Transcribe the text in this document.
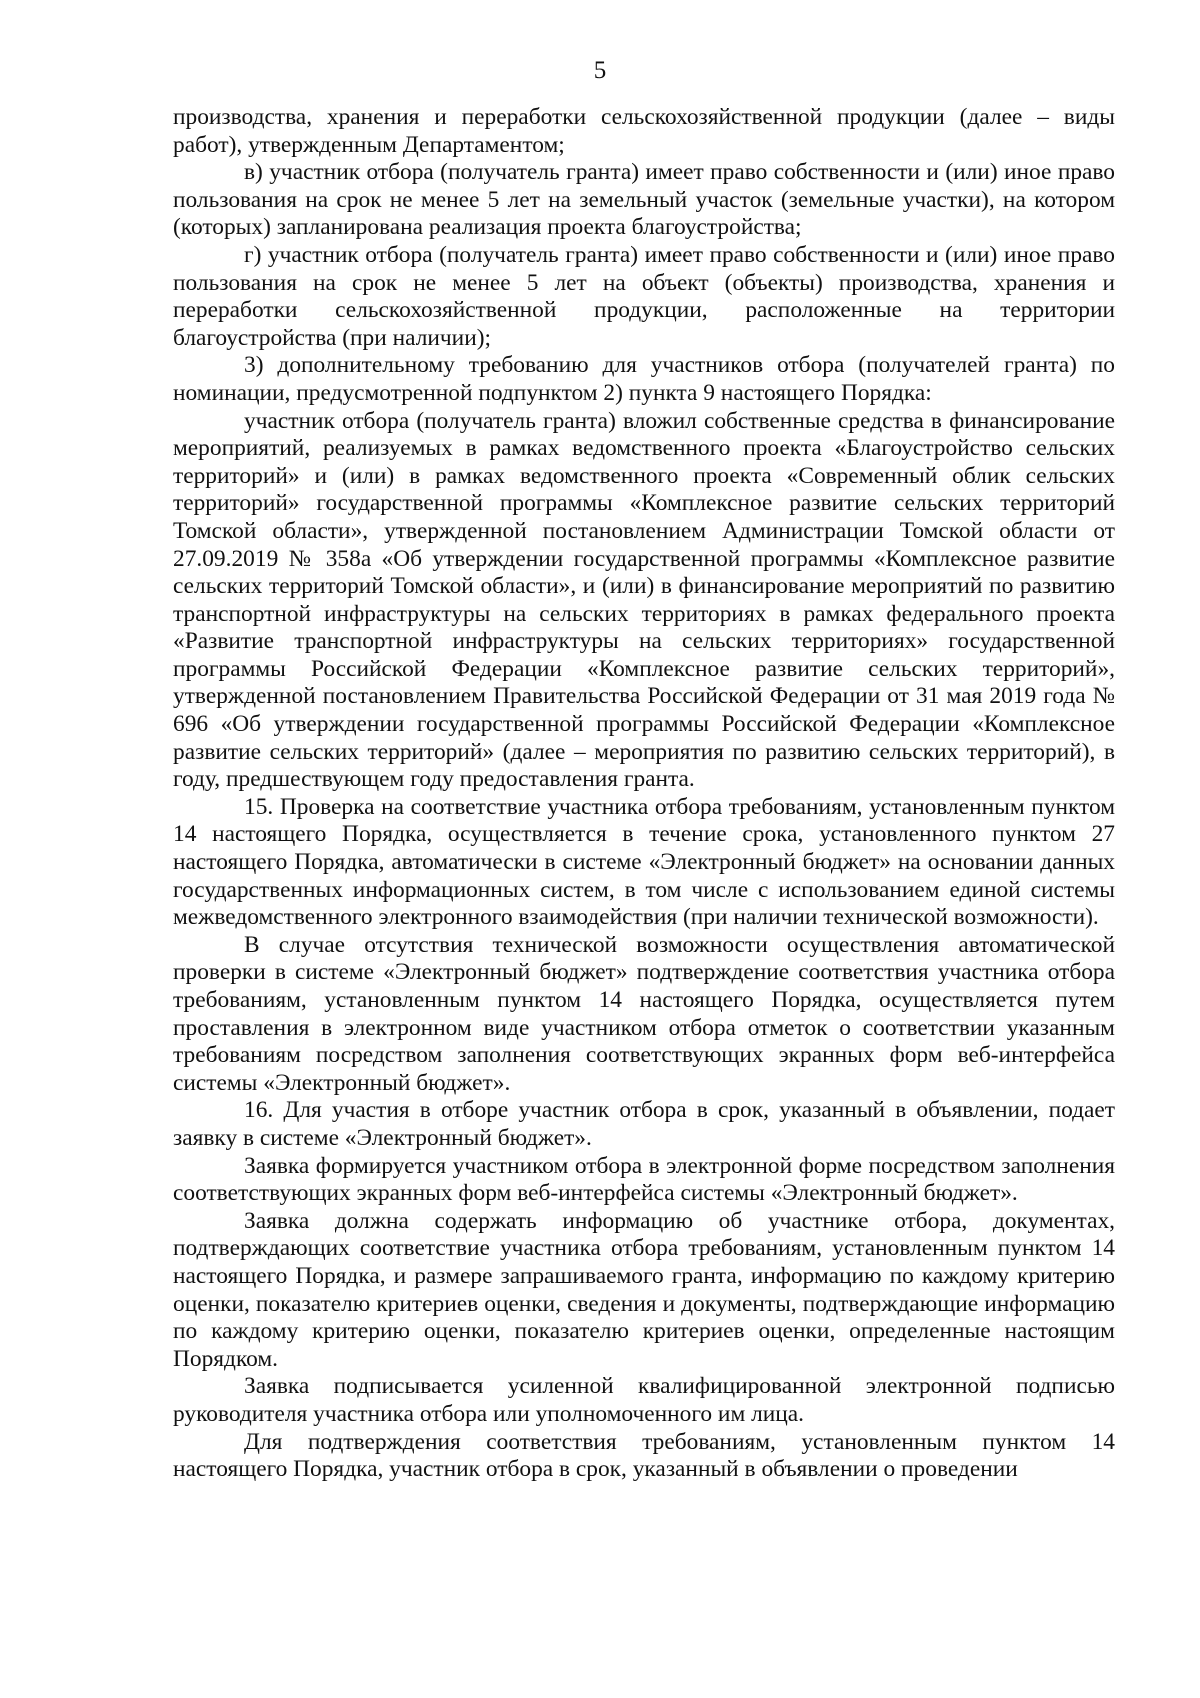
5

производства, хранения и переработки сельскохозяйственной продукции (далее – виды работ), утвержденным Департаментом;

в) участник отбора (получатель гранта) имеет право собственности и (или) иное право пользования на срок не менее 5 лет на земельный участок (земельные участки), на котором (которых) запланирована реализация проекта благоустройства;

г) участник отбора (получатель гранта) имеет право собственности и (или) иное право пользования на срок не менее 5 лет на объект (объекты) производства, хранения и переработки сельскохозяйственной продукции, расположенные на территории благоустройства (при наличии);

3) дополнительному требованию для участников отбора (получателей гранта) по номинации, предусмотренной подпунктом 2) пункта 9 настоящего Порядка:

участник отбора (получатель гранта) вложил собственные средства в финансирование мероприятий, реализуемых в рамках ведомственного проекта «Благоустройство сельских территорий» и (или) в рамках ведомственного проекта «Современный облик сельских территорий» государственной программы «Комплексное развитие сельских территорий Томской области», утвержденной постановлением Администрации Томской области от 27.09.2019 № 358а «Об утверждении государственной программы «Комплексное развитие сельских территорий Томской области», и (или) в финансирование мероприятий по развитию транспортной инфраструктуры на сельских территориях в рамках федерального проекта «Развитие транспортной инфраструктуры на сельских территориях» государственной программы Российской Федерации «Комплексное развитие сельских территорий», утвержденной постановлением Правительства Российской Федерации от 31 мая 2019 года № 696 «Об утверждении государственной программы Российской Федерации «Комплексное развитие сельских территорий» (далее – мероприятия по развитию сельских территорий), в году, предшествующем году предоставления гранта.

15. Проверка на соответствие участника отбора требованиям, установленным пунктом 14 настоящего Порядка, осуществляется в течение срока, установленного пунктом 27 настоящего Порядка, автоматически в системе «Электронный бюджет» на основании данных государственных информационных систем, в том числе с использованием единой системы межведомственного электронного взаимодействия (при наличии технической возможности).

В случае отсутствия технической возможности осуществления автоматической проверки в системе «Электронный бюджет» подтверждение соответствия участника отбора требованиям, установленным пунктом 14 настоящего Порядка, осуществляется путем проставления в электронном виде участником отбора отметок о соответствии указанным требованиям посредством заполнения соответствующих экранных форм веб-интерфейса системы «Электронный бюджет».

16. Для участия в отборе участник отбора в срок, указанный в объявлении, подает заявку в системе «Электронный бюджет».

Заявка формируется участником отбора в электронной форме посредством заполнения соответствующих экранных форм веб-интерфейса системы «Электронный бюджет».

Заявка должна содержать информацию об участнике отбора, документах, подтверждающих соответствие участника отбора требованиям, установленным пунктом 14 настоящего Порядка, и размере запрашиваемого гранта, информацию по каждому критерию оценки, показателю критериев оценки, сведения и документы, подтверждающие информацию по каждому критерию оценки, показателю критериев оценки, определенные настоящим Порядком.

Заявка подписывается усиленной квалифицированной электронной подписью руководителя участника отбора или уполномоченного им лица.

Для подтверждения соответствия требованиям, установленным пунктом 14 настоящего Порядка, участник отбора в срок, указанный в объявлении о проведении
